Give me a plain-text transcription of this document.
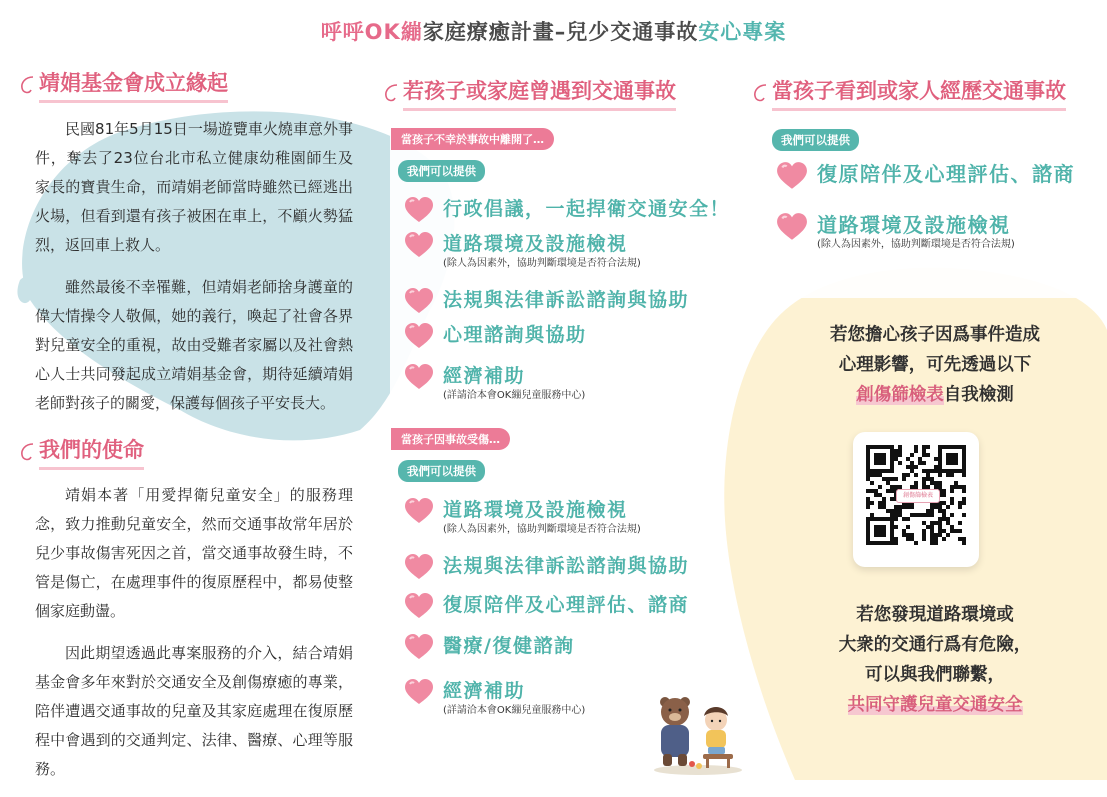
呼呼OK繃家庭療癒計畫–兒少交通事故安心專案
靖娟基金會成立緣起

民國81年5月15日一場遊覽車火燒車意外事件，奪去了23位台北市私立健康幼稚園師生及家長的寶貴生命，而靖娟老師當時雖然已經逃出火場，但看到還有孩子被困在車上，不顧火勢猛烈，返回車上救人。

雖然最後不幸罹難，但靖娟老師捨身護童的偉大情操令人敬佩，她的義行，喚起了社會各界對兒童安全的重視，故由受難者家屬以及社會熱心人士共同發起成立靖娟基金會，期待延續靖娟老師對孩子的關愛，保護每個孩子平安長大。

我們的使命

靖娟本著「用愛捍衛兒童安全」的服務理念，致力推動兒童安全，然而交通事故常年居於兒少事故傷害死因之首，當交通事故發生時，不管是傷亡，在處理事件的復原歷程中，都易使整個家庭動盪。

因此期望透過此專案服務的介入，結合靖娟基金會多年來對於交通安全及創傷療癒的專業，陪伴遭遇交通事故的兒童及其家庭處理在復原歷程中會遇到的交通判定、法律、醫療、心理等服務。

若孩子或家庭曾遇到交通事故
當孩子不幸於事故中離開了…
我們可以提供
行政倡議，一起捍衛交通安全！
道路環境及設施檢視
(除人為因素外，協助判斷環境是否符合法規)
法規與法律訴訟諮詢與協助
心理諮詢與協助
經濟補助
(詳請洽本會OK繃兒童服務中心)
當孩子因事故受傷…
我們可以提供
道路環境及設施檢視
(除人為因素外，協助判斷環境是否符合法規)
法規與法律訴訟諮詢與協助
復原陪伴及心理評估、諮商
醫療/復健諮詢
經濟補助
(詳請洽本會OK繃兒童服務中心)
當孩子看到或家人經歷交通事故
我們可以提供
復原陪伴及心理評估、諮商
道路環境及設施檢視
(除人為因素外，協助判斷環境是否符合法規)
若您擔心孩子因爲事件造成
心理影響，可先透過以下
創傷篩檢表自我檢測
創傷篩檢表
若您發現道路環境或
大衆的交通行爲有危險，
可以與我們聯繫，
共同守護兒童交通安全
